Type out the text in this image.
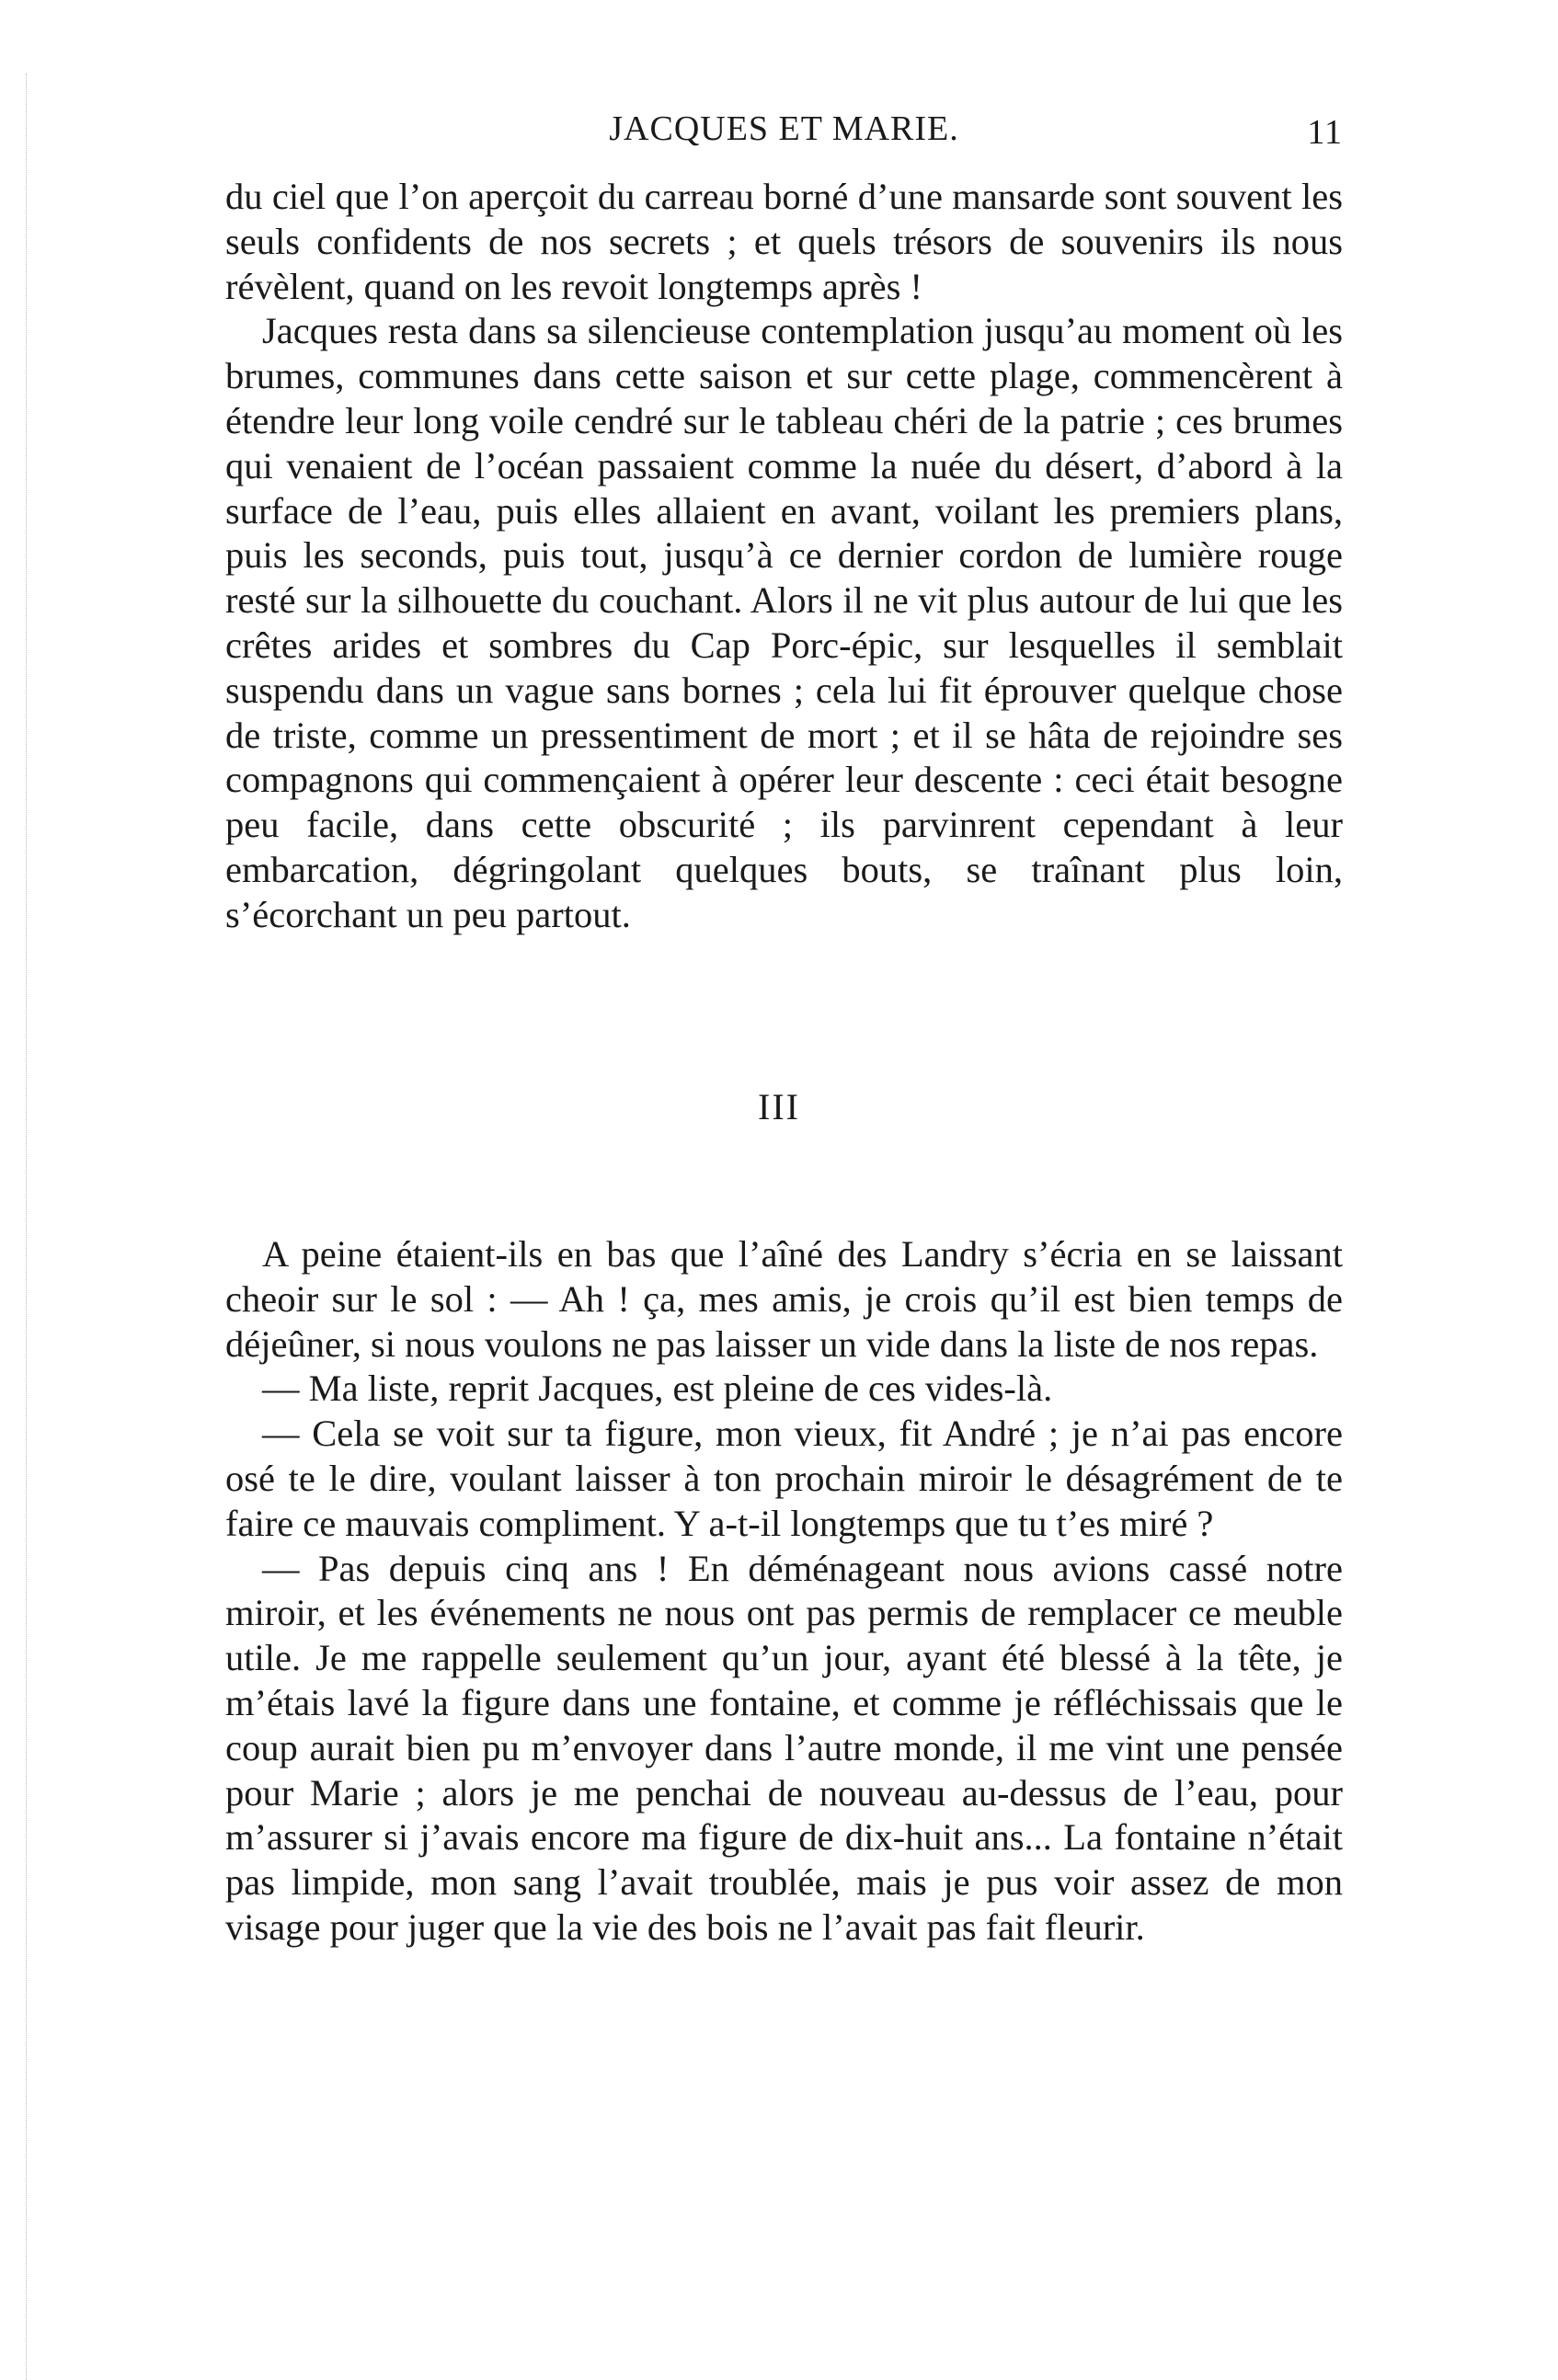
JACQUES ET MARIE.	11

du ciel que l’on aperçoit du carreau borné d’une mansarde sont souvent les seuls confidents de nos secrets ; et quels trésors de souvenirs ils nous révèlent, quand on les revoit longtemps après !

Jacques resta dans sa silencieuse contemplation jusqu’au moment où les brumes, communes dans cette saison et sur cette plage, commencèrent à étendre leur long voile cendré sur le tableau chéri de la patrie ; ces brumes qui venaient de l’océan passaient comme la nuée du désert, d’abord à la surface de l’eau, puis elles allaient en avant, voilant les premiers plans, puis les seconds, puis tout, jusqu’à ce dernier cordon de lumière rouge resté sur la silhouette du couchant. Alors il ne vit plus autour de lui que les crêtes arides et sombres du Cap Porc-épic, sur lesquelles il semblait suspendu dans un vague sans bornes ; cela lui fit éprouver quelque chose de triste, comme un pressentiment de mort ; et il se hâta de rejoindre ses compagnons qui commençaient à opérer leur descente : ceci était besogne peu facile, dans cette obscurité ; ils parvinrent cependant à leur embarcation, dégringolant quelques bouts, se traînant plus loin, s’écorchant un peu partout.

III

A peine étaient-ils en bas que l’aîné des Landry s’écria en se laissant cheoir sur le sol : — Ah ! ça, mes amis, je crois qu’il est bien temps de déjeûner, si nous voulons ne pas laisser un vide dans la liste de nos repas.

— Ma liste, reprit Jacques, est pleine de ces vides-là.

— Cela se voit sur ta figure, mon vieux, fit André ; je n’ai pas encore osé te le dire, voulant laisser à ton prochain miroir le désagrément de te faire ce mauvais compliment. Y a-t-il longtemps que tu t’es miré ?

— Pas depuis cinq ans ! En déménageant nous avions cassé notre miroir, et les événements ne nous ont pas permis de remplacer ce meuble utile. Je me rappelle seulement qu’un jour, ayant été blessé à la tête, je m’étais lavé la figure dans une fontaine, et comme je réfléchissais que le coup aurait bien pu m’envoyer dans l’autre monde, il me vint une pensée pour Marie ; alors je me penchai de nouveau au-dessus de l’eau, pour m’assurer si j’avais encore ma figure de dix-huit ans... La fontaine n’était pas limpide, mon sang l’avait troublée, mais je pus voir assez de mon visage pour juger que la vie des bois ne l’avait pas fait fleurir.
